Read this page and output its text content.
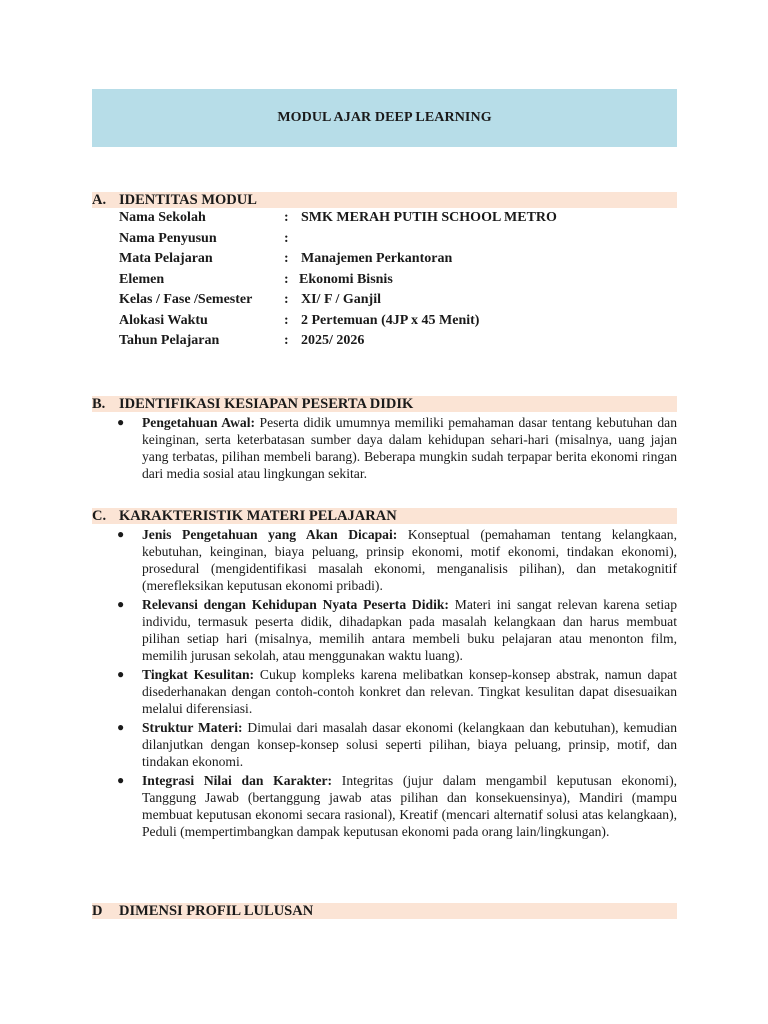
MODUL AJAR DEEP LEARNING
A. IDENTITAS MODUL
Nama Sekolah	: SMK MERAH PUTIH SCHOOL METRO
Nama Penyusun	:
Mata Pelajaran	: Manajemen Perkantoran
Elemen	: Ekonomi Bisnis
Kelas / Fase /Semester : XI/ F / Ganjil
Alokasi Waktu	: 2 Pertemuan (4JP x 45 Menit)
Tahun Pelajaran	: 2025/ 2026
B. IDENTIFIKASI KESIAPAN PESERTA DIDIK
● Pengetahuan Awal: Peserta didik umumnya memiliki pemahaman dasar tentang kebutuhan dan keinginan, serta keterbatasan sumber daya dalam kehidupan sehari-hari (misalnya, uang jajan yang terbatas, pilihan membeli barang). Beberapa mungkin sudah terpapar berita ekonomi ringan dari media sosial atau lingkungan sekitar.
C. KARAKTERISTIK MATERI PELAJARAN
● Jenis Pengetahuan yang Akan Dicapai: Konseptual (pemahaman tentang kelangkaan, kebutuhan, keinginan, biaya peluang, prinsip ekonomi, motif ekonomi, tindakan ekonomi), prosedural (mengidentifikasi masalah ekonomi, menganalisis pilihan), dan metakognitif (merefleksikan keputusan ekonomi pribadi).
● Relevansi dengan Kehidupan Nyata Peserta Didik: Materi ini sangat relevan karena setiap individu, termasuk peserta didik, dihadapkan pada masalah kelangkaan dan harus membuat pilihan setiap hari (misalnya, memilih antara membeli buku pelajaran atau menonton film, memilih jurusan sekolah, atau menggunakan waktu luang).
● Tingkat Kesulitan: Cukup kompleks karena melibatkan konsep-konsep abstrak, namun dapat disederhanakan dengan contoh-contoh konkret dan relevan. Tingkat kesulitan dapat disesuaikan melalui diferensiasi.
● Struktur Materi: Dimulai dari masalah dasar ekonomi (kelangkaan dan kebutuhan), kemudian dilanjutkan dengan konsep-konsep solusi seperti pilihan, biaya peluang, prinsip, motif, dan tindakan ekonomi.
● Integrasi Nilai dan Karakter: Integritas (jujur dalam mengambil keputusan ekonomi), Tanggung Jawab (bertanggung jawab atas pilihan dan konsekuensinya), Mandiri (mampu membuat keputusan ekonomi secara rasional), Kreatif (mencari alternatif solusi atas kelangkaan), Peduli (mempertimbangkan dampak keputusan ekonomi pada orang lain/lingkungan).
D DIMENSI PROFIL LULUSAN
